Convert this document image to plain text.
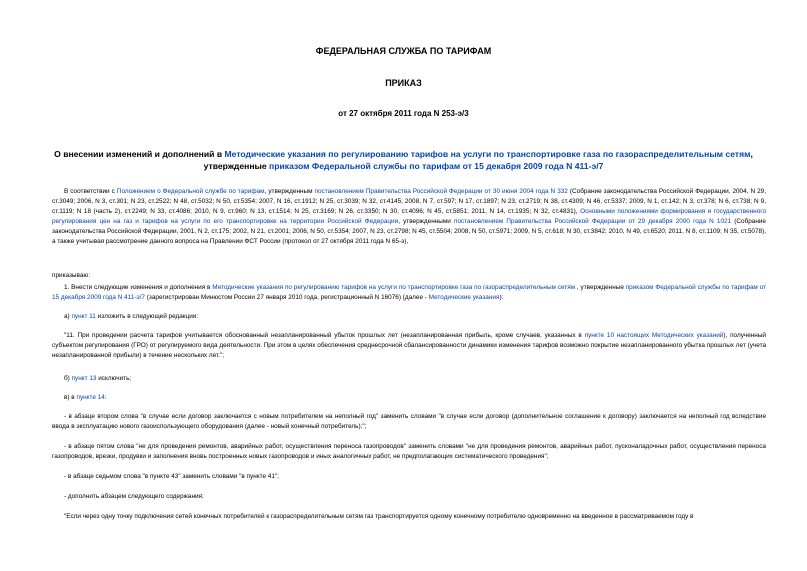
ФЕДЕРАЛЬНАЯ СЛУЖБА ПО ТАРИФАМ
ПРИКАЗ
от 27 октября 2011 года N 253-э/3
О внесении изменений и дополнений в Методические указания по регулированию тарифов на услуги по транспортировке газа по газораспределительным сетям, утвержденные приказом Федеральной службы по тарифам от 15 декабря 2009 года N 411-э/7
В соответствии с Положением о Федеральной службе по тарифам, утвержденным постановлением Правительства Российской Федерации от 30 июня 2004 года N 332 (Собрание законодательства Российской Федерации, 2004, N 29, ст.3049; 2006, N 3, ст.301; N 23, ст.2522; N 48, ст.5032; N 50, ст.5354; 2007, N 16, ст.1912; N 25, ст.3039; N 32, ст.4145; 2008, N 7, ст.597; N 17, ст.1897; N 23, ст.2719; N 38, ст.4309; N 46, ст.5337; 2009, N 1, ст.142; N 3, ст.378; N 6, ст.738; N 9, ст.1119; N 18 (часть 2), ст.2249; N 33, ст.4086; 2010, N 9, ст.960; N 13, ст.1514; N 25, ст.3169; N 26, ст.3350; N 30, ст.4096; N 45, ст.5851; 2011, N 14, ст.1935; N 32, ст.4831), Основными положениями формирования и государственного регулирования цен на газ и тарифов на услуги по его транспортировке на территории Российской Федерации, утвержденными постановлением Правительства Российской Федерации от 29 декабря 2000 года N 1021 (Собрание законодательства Российской Федерации, 2001, N 2, ст.175; 2002, N 21, ст.2001; 2006, N 50, ст.5354; 2007, N 23, ст.2798; N 45, ст.5504; 2008, N 50, ст.5971; 2009, N 5, ст.618; N 30, ст.3842; 2010, N 49, ст.6520; 2011, N 8, ст.1109; N 35, ст.5078), а также учитывая рассмотрение данного вопроса на Правлении ФСТ России (протокол от 27 октября 2011 года N 65-э),
приказываю:
1. Внести следующие изменения и дополнения в Методические указания по регулированию тарифов на услуги по транспортировке газа по газораспределительным сетям , утвержденные приказом Федеральной службы по тарифам от 15 декабря 2009 года N 411-э/7 (зарегистрирован Минюстом России 27 января 2010 года, регистрационный N 16076) (далее - Методические указания):
а) пункт 11 изложить в следующей редакции:
"11. При проведении расчета тарифов учитывается обоснованный незапланированный убыток прошлых лет (незапланированная прибыль, кроме случаев, указанных в пункте 10 настоящих Методических указаний), полученный субъектом регулирования (ГРО) от регулируемого вида деятельности. При этом в целях обеспечения среднесрочной сбалансированности динамики изменения тарифов возможно покрытие незапланированного убытка прошлых лет (учета незапланированной прибыли) в течение нескольких лет.";
б) пункт 13 исключить;
в) в пункте 14:
- в абзаце втором слова "в случае если договор заключается с новым потребителем на неполный год" заменить словами "в случае если договор (дополнительное соглашение к договору) заключается на неполный год вследствие ввода в эксплуатацию нового газоиспользующего оборудования (далее - новый конечный потребитель);";
- в абзаце пятом слова "не для проведения ремонтов, аварийных работ, осуществления переноса газопроводов" заменить словами "не для проведения ремонтов, аварийных работ, пусконаладочных работ, осуществления переноса газопроводов, врезки, продувки и заполнения вновь построенных новых газопроводов и иных аналогичных работ, не предполагающих систематического проведения";
- в абзаце седьмом слова "в пункте 43" заменить словами "в пункте 41";
- дополнить абзацем следующего содержания:
"Если через одну точку подключения сетей конечных потребителей к газораспределительным сетям газ транспортируется одному конечному потребителю одновременно на введенное в рассматриваемом году в
